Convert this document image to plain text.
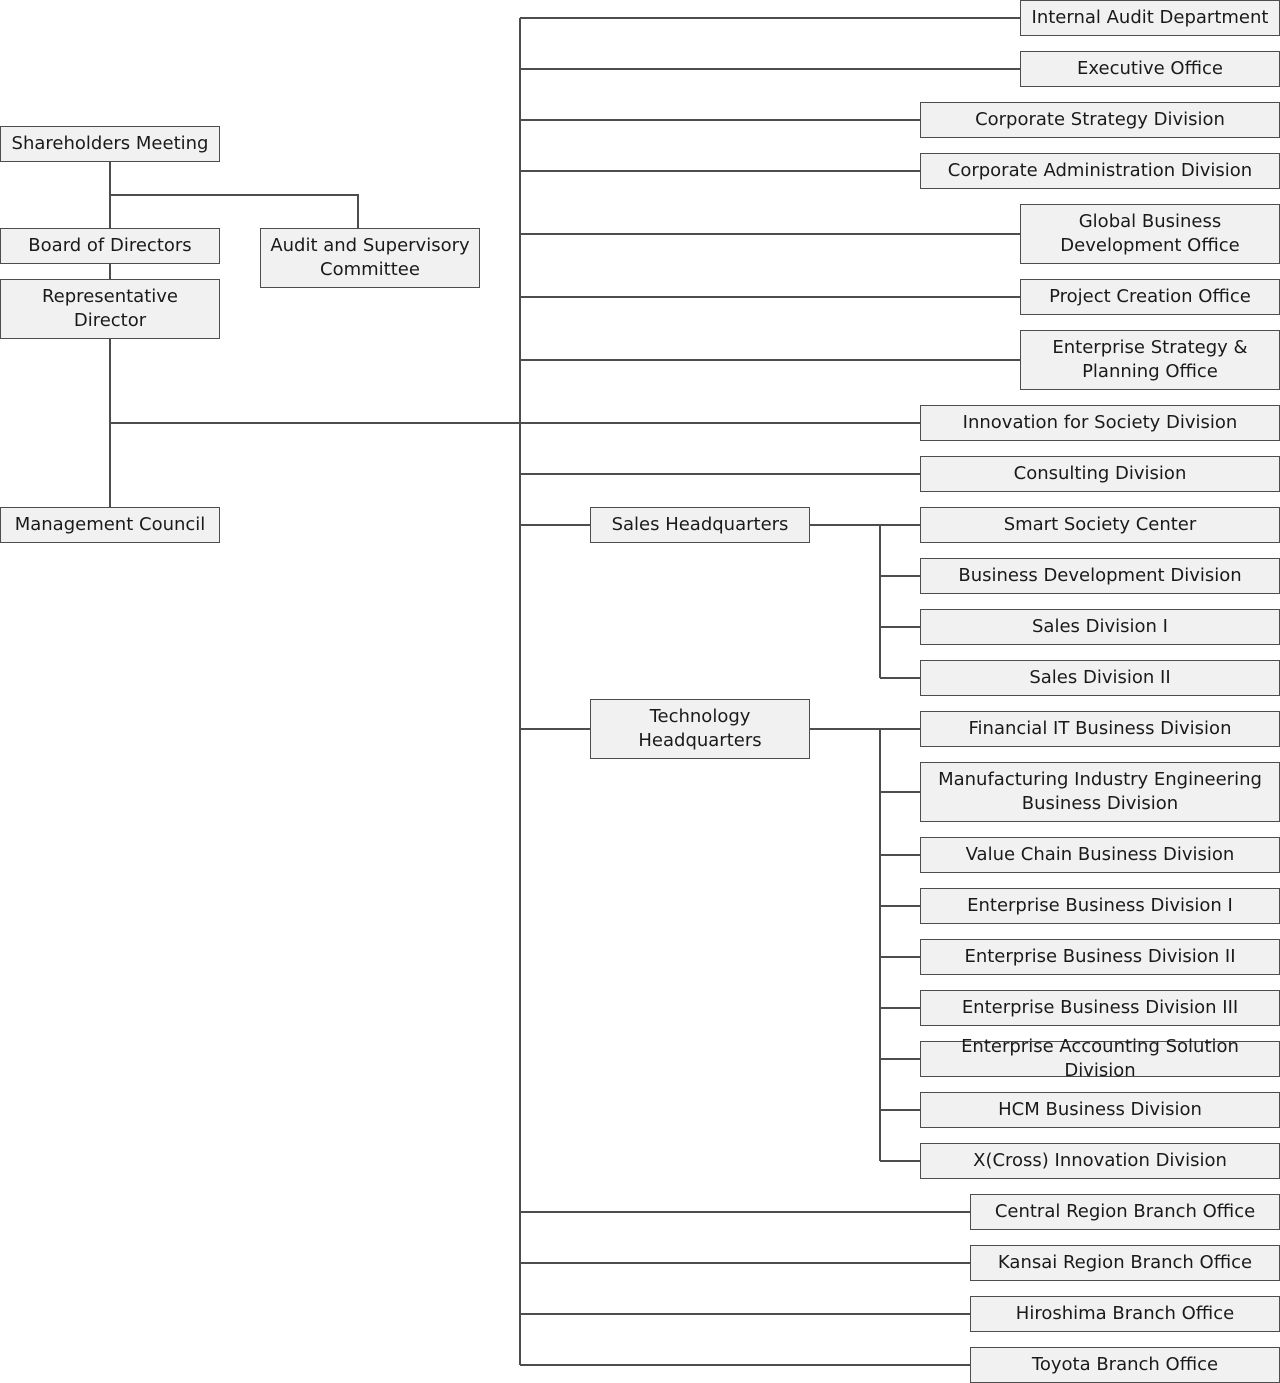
Shareholders Meeting
Board of Directors	Audit and Supervisory
Committee
Representative
Director
Management Council	Sales Headquarters
Technology
Headquarters
Internal Audit Department
Executive Office
Corporate Strategy Division
Corporate Administration Division
Global Business
Development Office
Project Creation Office
Enterprise Strategy &
Planning Office
Innovation for Society Division
Consulting Division
Smart Society Center
Business Development Division
Sales Division I
Sales Division II
Financial IT Business Division
Manufacturing Industry Engineering
Business Division
Value Chain Business Division
Enterprise Business Division I
Enterprise Business Division II
Enterprise Business Division III
Enterprise Accounting Solution Division
HCM Business Division
X(Cross) Innovation Division
Central Region Branch Office
Kansai Region Branch Office
Hiroshima Branch Office
Toyota Branch Office
